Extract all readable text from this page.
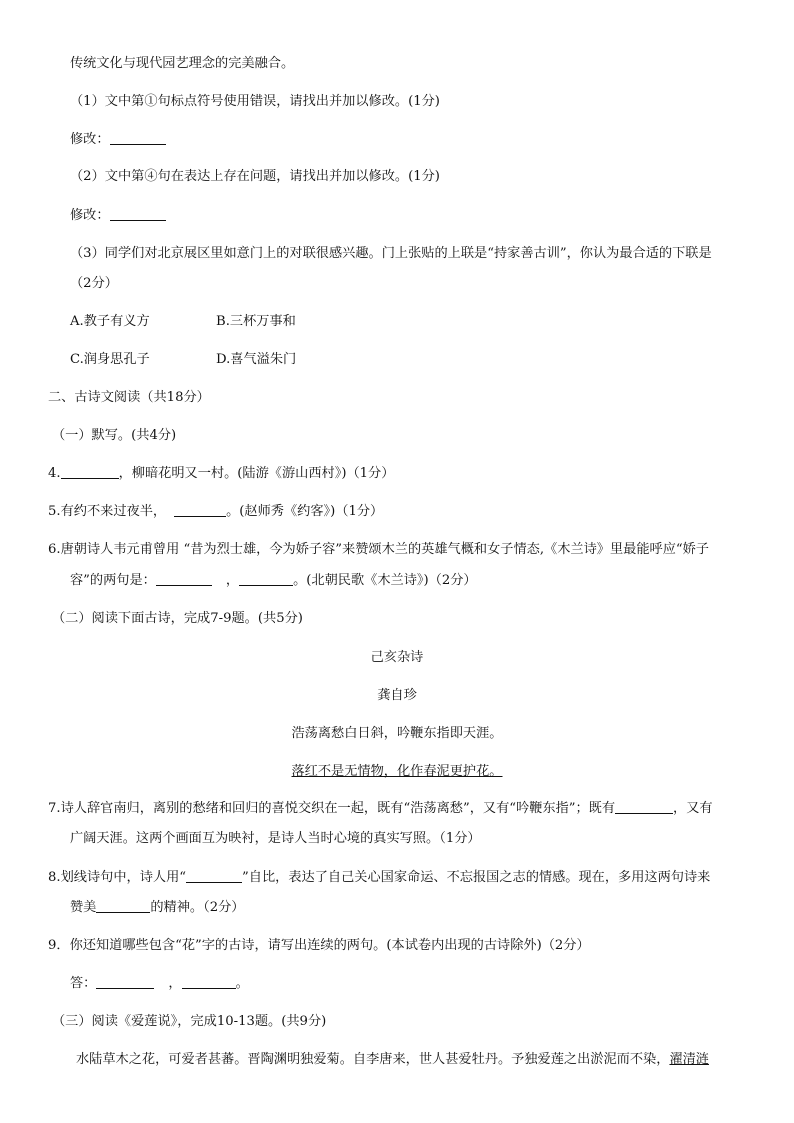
传统文化与现代园艺理念的完美融合。
（1）文中第①句标点符号使用错误，请找出并加以修改。(1分)
修改：
（2）文中第④句在表达上存在问题，请找出并加以修改。(1分)
修改：
（3）同学们对北京展区里如意门上的对联很感兴趣。门上张贴的上联是“持家善古训”，你认为最合适的下联是
（2分）
A.教子有义方	B.三杯万事和
C.润身思孔子	D.喜气溢朱门
二、古诗文阅读（共18分）
（一）默写。(共4分)
4.	，柳暗花明又一村。(陆游《游山西村》)（1分）
5.有约不来过夜半，	。(赵师秀《约客》)（1分）
6.唐朝诗人韦元甫曾用 “昔为烈士雄，今为娇子容”来赞颂木兰的英雄气概和女子情态,《木兰诗》里最能呼应“娇子
容”的两句是：	，	。(北朝民歌《木兰诗》)（2分）
（二）阅读下面古诗，完成7-9题。(共5分)
己亥杂诗
龚自珍
浩荡离愁白日斜，吟鞭东指即天涯。
落红不是无情物，化作春泥更护花。
7.诗人辞官南归，离别的愁绪和回归的喜悦交织在一起，既有“浩荡离愁”，又有“吟鞭东指”；既有	，又有
广阔天涯。这两个画面互为映衬，是诗人当时心境的真实写照。（1分）
8.划线诗句中，诗人用“	”自比，表达了自己关心国家命运、不忘报国之志的情感。现在，多用这两句诗来
赞美	的精神。（2分）
9．你还知道哪些包含“花”字的古诗，请写出连续的两句。(本试卷内出现的古诗除外)（2分）
答：	，	。
（三）阅读《爱莲说》，完成10-13题。(共9分)
水陆草木之花，可爱者甚蕃。晋陶渊明独爱菊。自李唐来，世人甚爱牡丹。予独爱莲之出淤泥而不染，濯清涟
